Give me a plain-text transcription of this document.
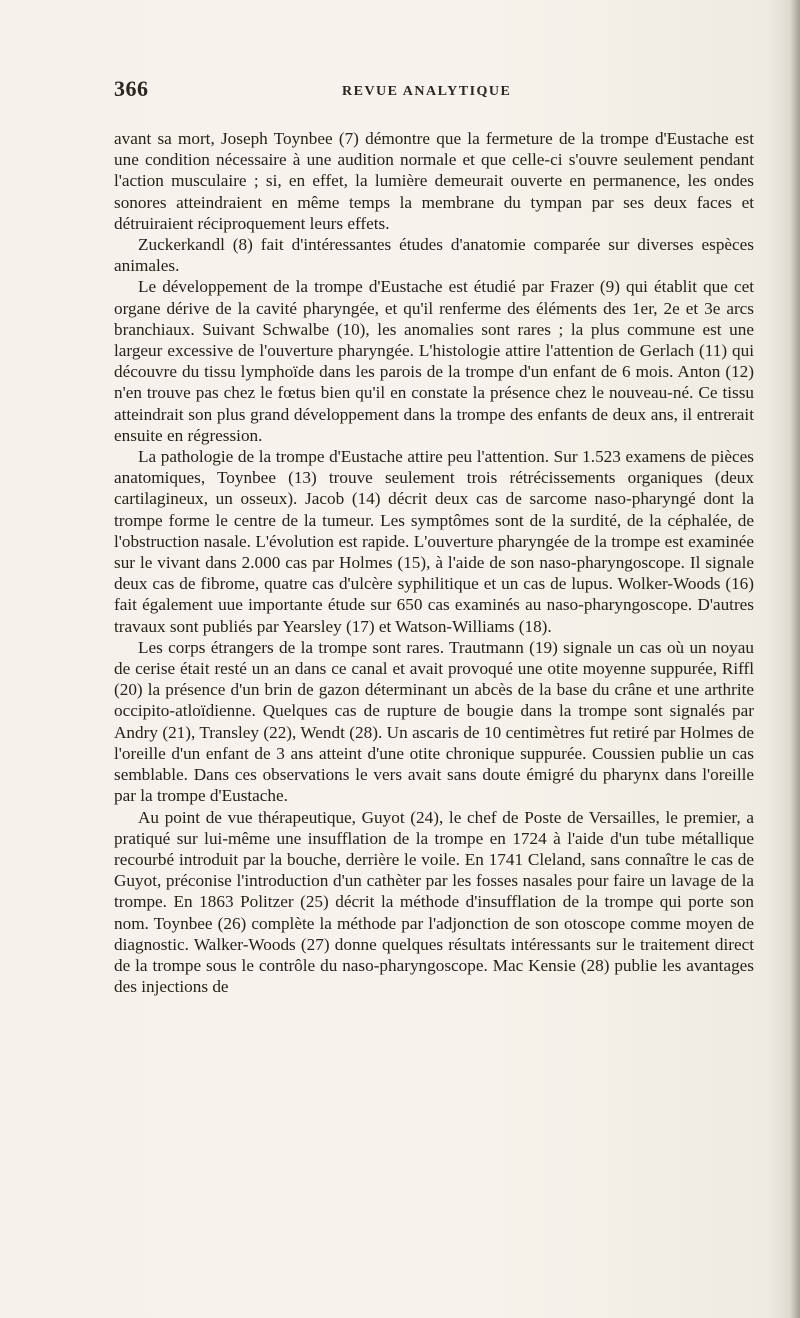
366	REVUE ANALYTIQUE

avant sa mort, Joseph Toynbee (7) démontre que la fermeture de la trompe d'Eustache est une condition nécessaire à une audition normale et que celle-ci s'ouvre seulement pendant l'action musculaire ; si, en effet, la lumière demeurait ouverte en permanence, les ondes sonores atteindraient en même temps la membrane du tympan par ses deux faces et détruiraient réciproquement leurs effets.

Zuckerkandl (8) fait d'intéressantes études d'anatomie comparée sur diverses espèces animales.

Le développement de la trompe d'Eustache est étudié par Frazer (9) qui établit que cet organe dérive de la cavité pharyngée, et qu'il renferme des éléments des 1er, 2e et 3e arcs branchiaux. Suivant Schwalbe (10), les anomalies sont rares ; la plus commune est une largeur excessive de l'ouverture pharyngée. L'histologie attire l'attention de Gerlach (11) qui découvre du tissu lymphoïde dans les parois de la trompe d'un enfant de 6 mois. Anton (12) n'en trouve pas chez le fœtus bien qu'il en constate la présence chez le nouveau-né. Ce tissu atteindrait son plus grand développement dans la trompe des enfants de deux ans, il entrerait ensuite en régression.

La pathologie de la trompe d'Eustache attire peu l'attention. Sur 1.523 examens de pièces anatomiques, Toynbee (13) trouve seulement trois rétrécissements organiques (deux cartilagineux, un osseux). Jacob (14) décrit deux cas de sarcome naso-pharyngé dont la trompe forme le centre de la tumeur. Les symptômes sont de la surdité, de la céphalée, de l'obstruction nasale. L'évolution est rapide. L'ouverture pharyngée de la trompe est examinée sur le vivant dans 2.000 cas par Holmes (15), à l'aide de son naso-pharyngoscope. Il signale deux cas de fibrome, quatre cas d'ulcère syphilitique et un cas de lupus. Wolker-Woods (16) fait également uue importante étude sur 650 cas examinés au naso-pharyngoscope. D'autres travaux sont publiés par Yearsley (17) et Watson-Williams (18).

Les corps étrangers de la trompe sont rares. Trautmann (19) signale un cas où un noyau de cerise était resté un an dans ce canal et avait provoqué une otite moyenne suppurée, Riffl (20) la présence d'un brin de gazon déterminant un abcès de la base du crâne et une arthrite occipito-atloïdienne. Quelques cas de rupture de bougie dans la trompe sont signalés par Andry (21), Transley (22), Wendt (28). Un ascaris de 10 centimètres fut retiré par Holmes de l'oreille d'un enfant de 3 ans atteint d'une otite chronique suppurée. Coussien publie un cas semblable. Dans ces observations le vers avait sans doute émigré du pharynx dans l'oreille par la trompe d'Eustache.

Au point de vue thérapeutique, Guyot (24), le chef de Poste de Versailles, le premier, a pratiqué sur lui-même une insufflation de la trompe en 1724 à l'aide d'un tube métallique recourbé introduit par la bouche, derrière le voile. En 1741 Cleland, sans connaître le cas de Guyot, préconise l'introduction d'un cathèter par les fosses nasales pour faire un lavage de la trompe. En 1863 Politzer (25) décrit la méthode d'insufflation de la trompe qui porte son nom. Toynbee (26) complète la méthode par l'adjonction de son otoscope comme moyen de diagnostic. Walker-Woods (27) donne quelques résultats intéressants sur le traitement direct de la trompe sous le contrôle du naso-pharyngoscope. Mac Kensie (28) publie les avantages des injections de
